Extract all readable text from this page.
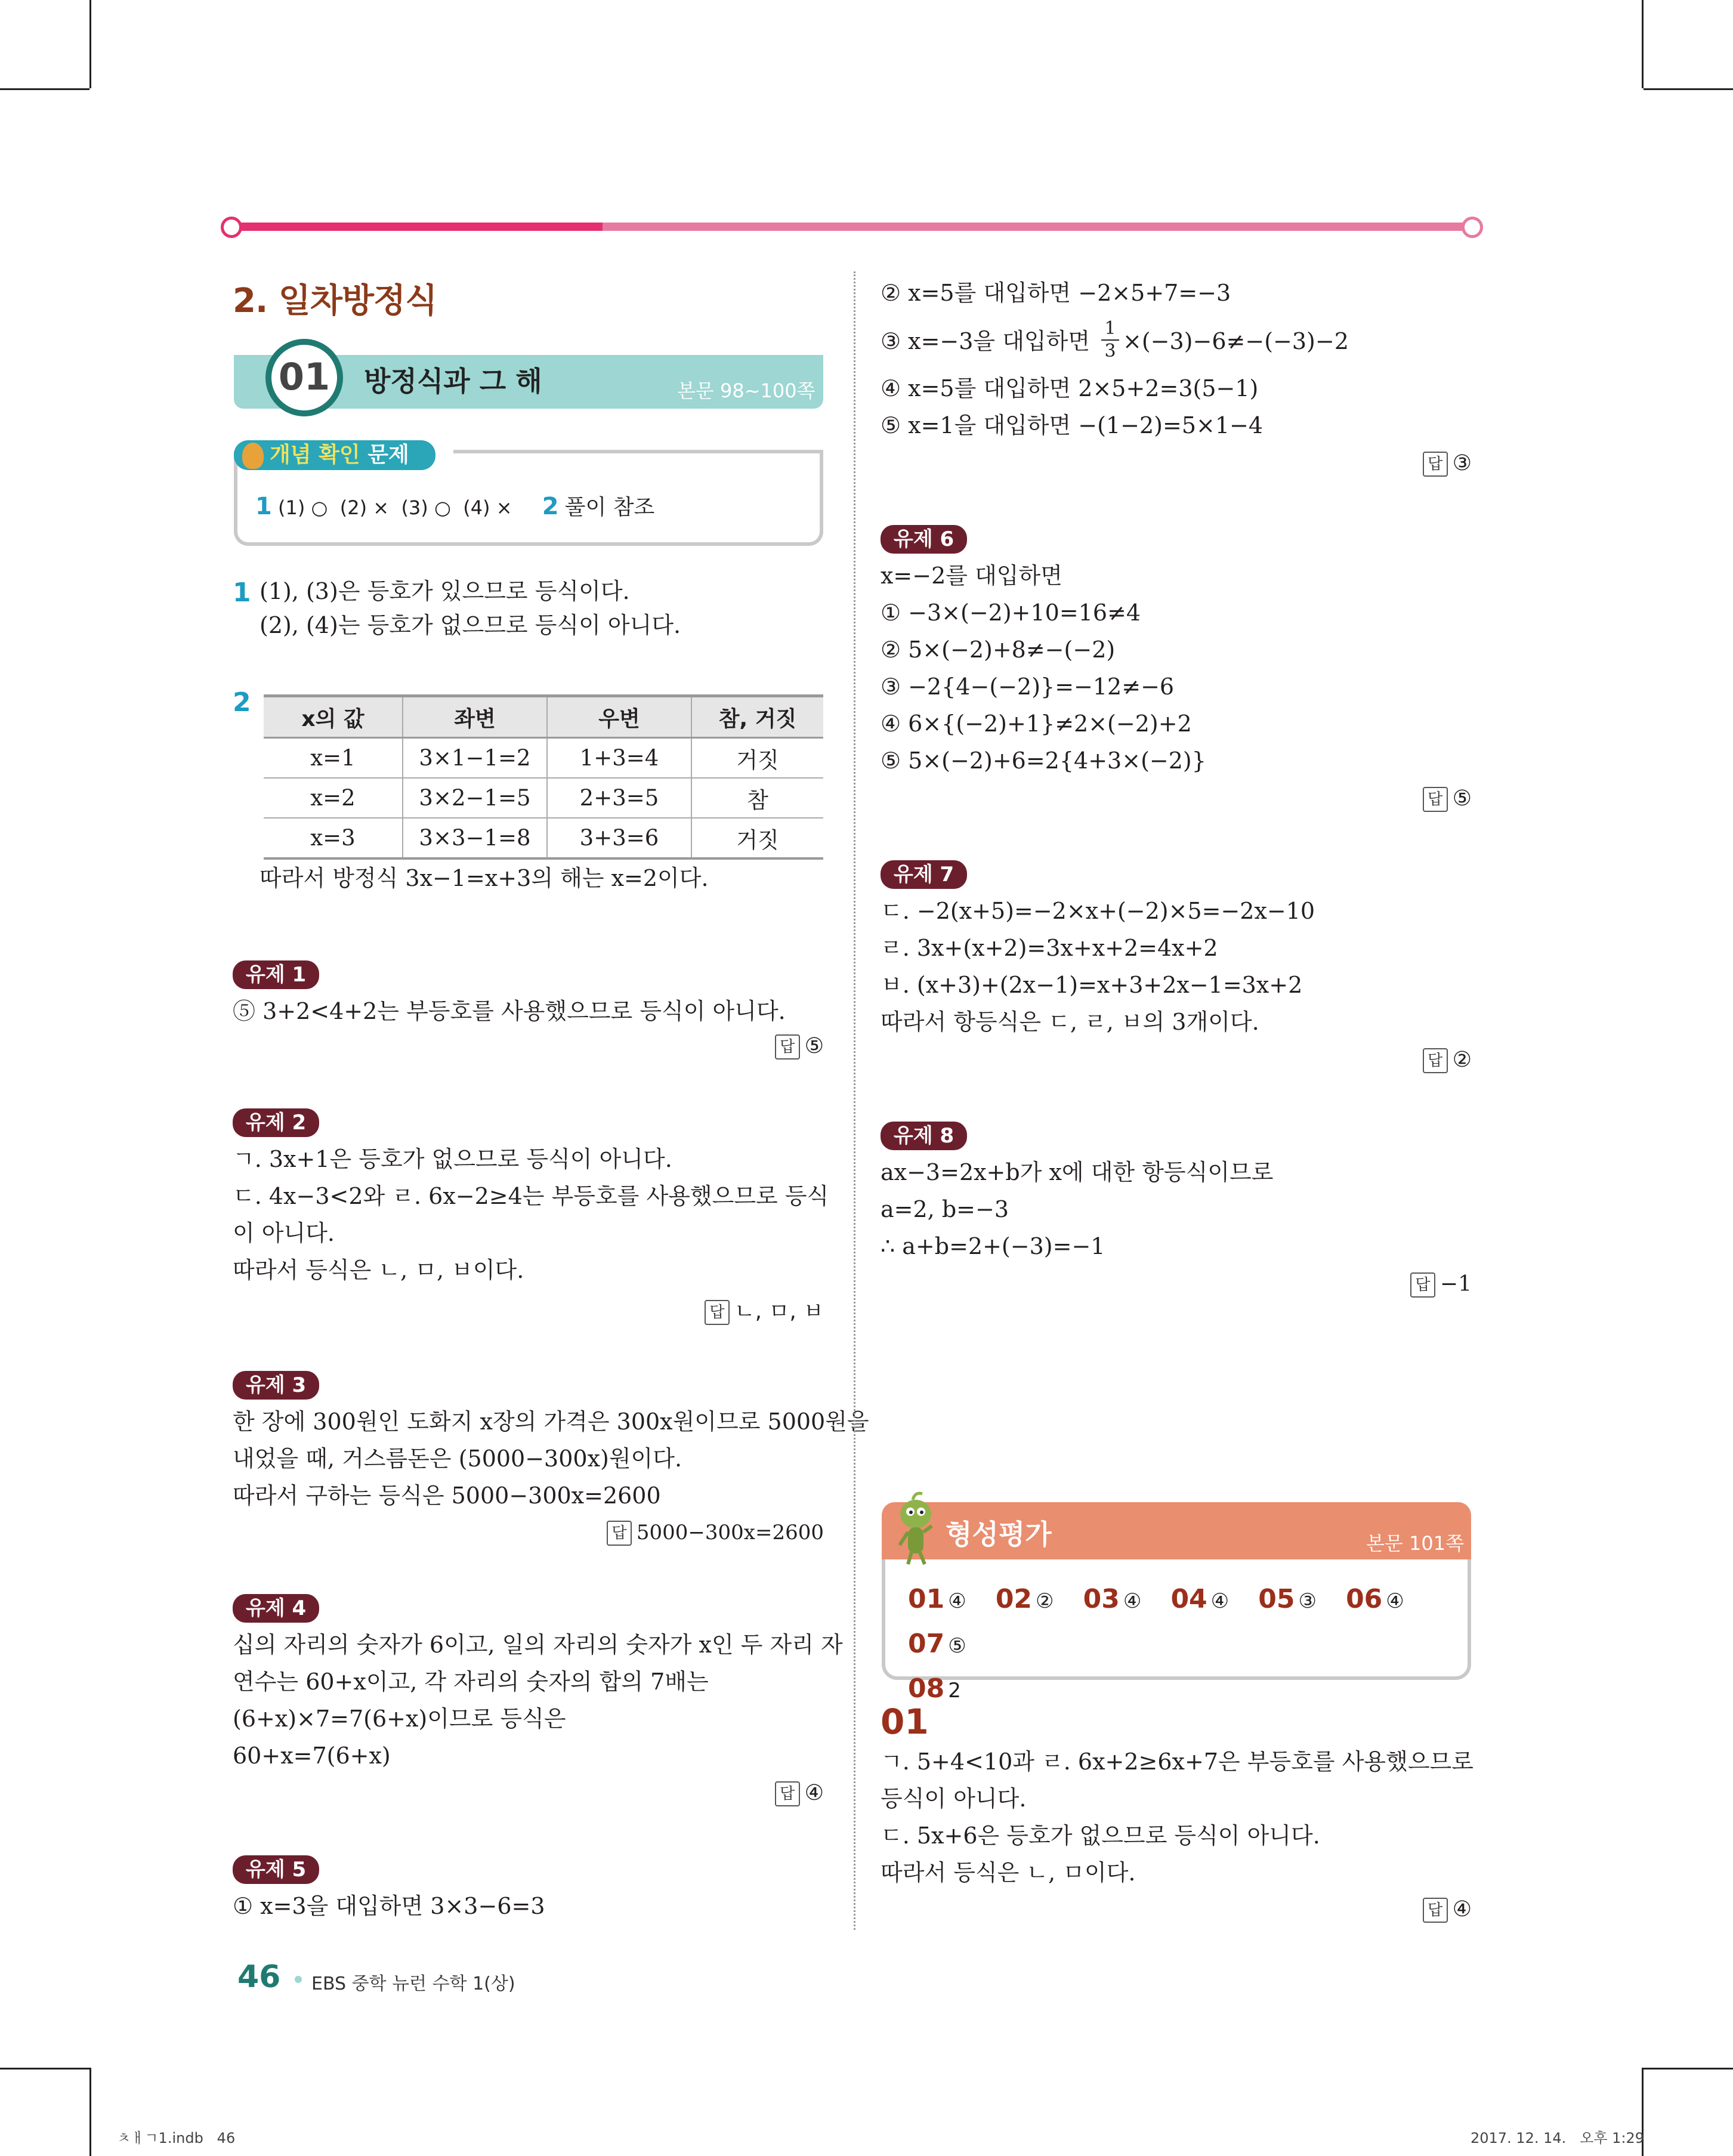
2. 일차방정식
01	방정식과 그 해	본문 98~100쪽
개념 확인 문제
1 (1) ○  (2) ×  (3) ○  (4) × 2 풀이 참조
1 (1), (3)은 등호가 있으므로 등식이다.
(2), (4)는 등호가 없으므로 등식이 아니다.
2
x의 값	좌변	우변	참, 거짓
x=1	3×1−1=2	1+3=4	거짓
x=2	3×2−1=5	2+3=5	참
x=3	3×3−1=8	3+3=6	거짓
따라서 방정식 3x−1=x+3의 해는 x=2이다.
유제 1
⑤ 3+2<4+2는 부등호를 사용했으므로 등식이 아니다.
답 ⑤
유제 2
ㄱ. 3x+1은 등호가 없으므로 등식이 아니다.
ㄷ. 4x−3<2와 ㄹ. 6x−2≥4는 부등호를 사용했으므로 등식
이 아니다.
따라서 등식은 ㄴ, ㅁ, ㅂ이다.
답 ㄴ, ㅁ, ㅂ
유제 3
한 장에 300원인 도화지 x장의 가격은 300x원이므로 5000원을
내었을 때, 거스름돈은 (5000−300x)원이다.
따라서 구하는 등식은 5000−300x=2600
답 5000−300x=2600
유제 4
십의 자리의 숫자가 6이고, 일의 자리의 숫자가 x인 두 자리 자
연수는 60+x이고, 각 자리의 숫자의 합의 7배는
(6+x)×7=7(6+x)이므로 등식은
60+x=7(6+x)
답 ④
유제 5
① x=3을 대입하면 3×3−6=3
② x=5를 대입하면 −2×5+7=−3
③ x=−3을 대입하면 $\frac{1}{3} \times(-3)-6\ne-(-3)-2$
④ x=5를 대입하면 2×5+2=3(5−1)
⑤ x=1을 대입하면 −(1−2)=5×1−4
답 ③
유제 6
x=−2를 대입하면
① −3×(−2)+10=16≠4
② 5×(−2)+8≠−(−2)
③ −2{4−(−2)}=−12≠−6
④ 6×{(−2)+1}≠2×(−2)+2
⑤ 5×(−2)+6=2{4+3×(−2)}
답 ⑤
유제 7
ㄷ. −2(x+5)=−2×x+(−2)×5=−2x−10
ㄹ. 3x+(x+2)=3x+x+2=4x+2
ㅂ. (x+3)+(2x−1)=x+3+2x−1=3x+2
따라서 항등식은 ㄷ, ㄹ, ㅂ의 3개이다.
답 ②
유제 8
ax−3=2x+b가 x에 대한 항등식이므로
a=2, b=−3
∴ a+b=2+(−3)=−1
답 −1
형성평가	본문 101쪽
01 ④ 02 ② 03 ④ 04 ④ 05 ③ 06 ④ 07 ⑤
08 2
01
ㄱ. 5+4<10과 ㄹ. 6x+2≥6x+7은 부등호를 사용했으므로
등식이 아니다.
ㄷ. 5x+6은 등호가 없으므로 등식이 아니다.
따라서 등식은 ㄴ, ㅁ이다.
답 ④
46 EBS 중학 뉴런 수학 1(상)
ㅊㅐㄱ1.indb   46	2017. 12. 14.   오후 1:29
